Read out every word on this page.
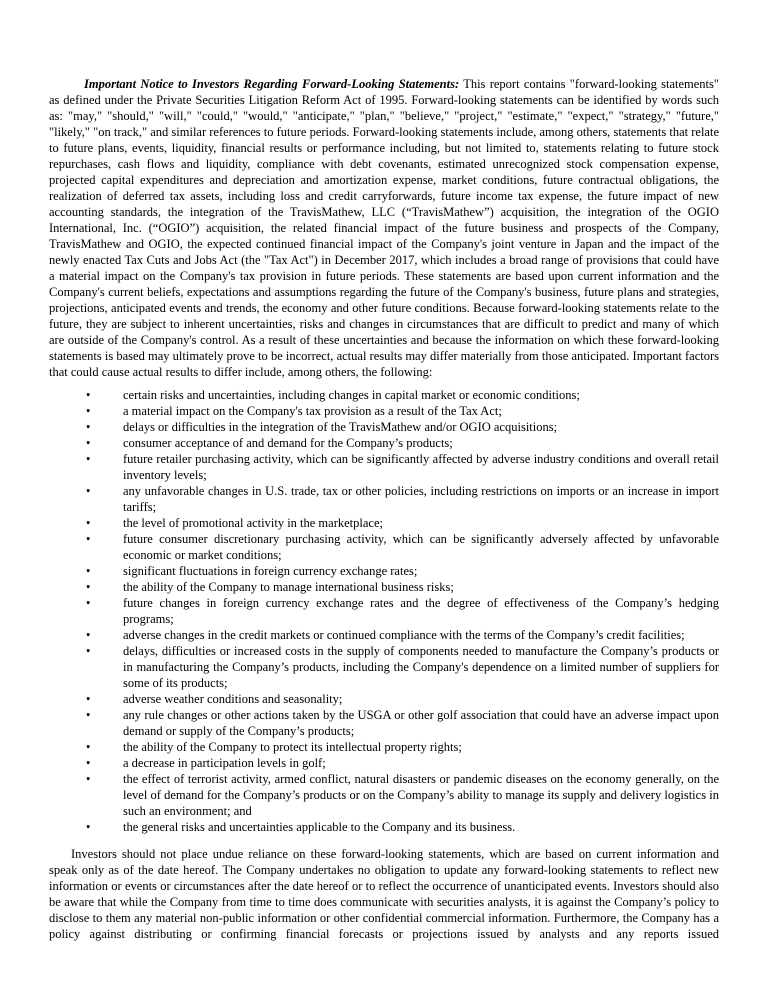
Important Notice to Investors Regarding Forward-Looking Statements: This report contains "forward-looking statements" as defined under the Private Securities Litigation Reform Act of 1995. Forward-looking statements can be identified by words such as: "may," "should," "will," "could," "would," "anticipate," "plan," "believe," "project," "estimate," "expect," "strategy," "future," "likely," "on track," and similar references to future periods. Forward-looking statements include, among others, statements that relate to future plans, events, liquidity, financial results or performance including, but not limited to, statements relating to future stock repurchases, cash flows and liquidity, compliance with debt covenants, estimated unrecognized stock compensation expense, projected capital expenditures and depreciation and amortization expense, market conditions, future contractual obligations, the realization of deferred tax assets, including loss and credit carryforwards, future income tax expense, the future impact of new accounting standards, the integration of the TravisMathew, LLC (“TravisMathew”) acquisition, the integration of the OGIO International, Inc. (“OGIO”) acquisition, the related financial impact of the future business and prospects of the Company, TravisMathew and OGIO, the expected continued financial impact of the Company's joint venture in Japan and the impact of the newly enacted Tax Cuts and Jobs Act (the "Tax Act") in December 2017, which includes a broad range of provisions that could have a material impact on the Company's tax provision in future periods. These statements are based upon current information and the Company's current beliefs, expectations and assumptions regarding the future of the Company's business, future plans and strategies, projections, anticipated events and trends, the economy and other future conditions. Because forward-looking statements relate to the future, they are subject to inherent uncertainties, risks and changes in circumstances that are difficult to predict and many of which are outside of the Company's control. As a result of these uncertainties and because the information on which these forward-looking statements is based may ultimately prove to be incorrect, actual results may differ materially from those anticipated. Important factors that could cause actual results to differ include, among others, the following:

•	certain risks and uncertainties, including changes in capital market or economic conditions;
•	a material impact on the Company's tax provision as a result of the Tax Act;
•	delays or difficulties in the integration of the TravisMathew and/or OGIO acquisitions;
•	consumer acceptance of and demand for the Company’s products;
•	future retailer purchasing activity, which can be significantly affected by adverse industry conditions and overall retail inventory levels;
•	any unfavorable changes in U.S. trade, tax or other policies, including restrictions on imports or an increase in import tariffs;
•	the level of promotional activity in the marketplace;
•	future consumer discretionary purchasing activity, which can be significantly adversely affected by unfavorable economic or market conditions;
•	significant fluctuations in foreign currency exchange rates;
•	the ability of the Company to manage international business risks;
•	future changes in foreign currency exchange rates and the degree of effectiveness of the Company’s hedging programs;
•	adverse changes in the credit markets or continued compliance with the terms of the Company’s credit facilities;
•	delays, difficulties or increased costs in the supply of components needed to manufacture the Company’s products or in manufacturing the Company’s products, including the Company's dependence on a limited number of suppliers for some of its products;
•	adverse weather conditions and seasonality;
•	any rule changes or other actions taken by the USGA or other golf association that could have an adverse impact upon demand or supply of the Company’s products;
•	the ability of the Company to protect its intellectual property rights;
•	a decrease in participation levels in golf;
•	the effect of terrorist activity, armed conflict, natural disasters or pandemic diseases on the economy generally, on the level of demand for the Company’s products or on the Company’s ability to manage its supply and delivery logistics in such an environment; and
•	the general risks and uncertainties applicable to the Company and its business.

Investors should not place undue reliance on these forward-looking statements, which are based on current information and speak only as of the date hereof. The Company undertakes no obligation to update any forward-looking statements to reflect new information or events or circumstances after the date hereof or to reflect the occurrence of unanticipated events. Investors should also be aware that while the Company from time to time does communicate with securities analysts, it is against the Company’s policy to disclose to them any material non-public information or other confidential commercial information. Furthermore, the Company has a policy against distributing or confirming financial forecasts or projections issued by analysts and any reports issued
